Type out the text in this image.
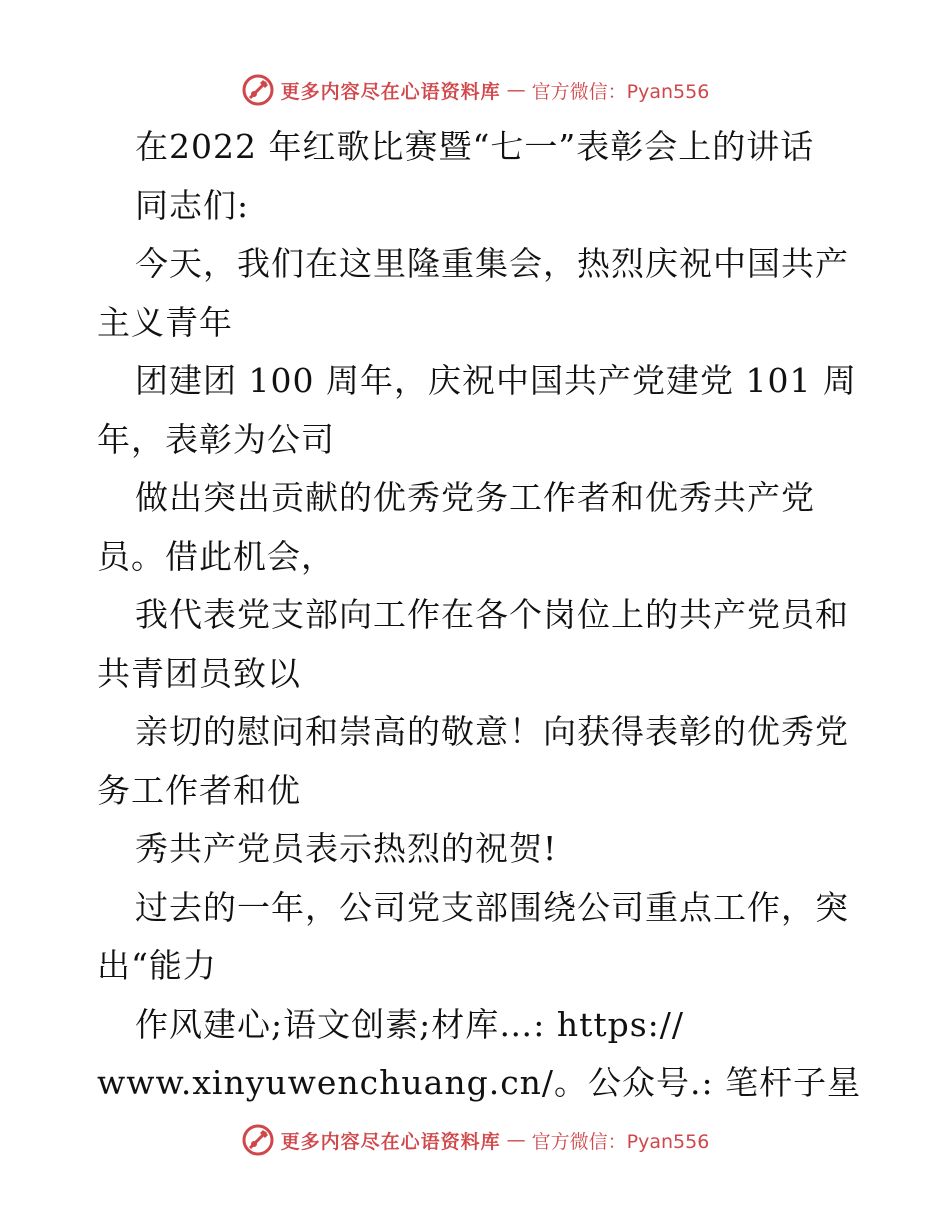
更多内容尽在心语资料库 — 官方微信：Pyan556
在2022 年红歌比赛暨“七一”表彰会上的讲话
同志们:
今天，我们在这里隆重集会，热烈庆祝中国共产
主义青年
团建团 100 周年，庆祝中国共产党建党 101 周
年，表彰为公司
做出突出贡献的优秀党务工作者和优秀共产党
员。借此机会，
我代表党支部向工作在各个岗位上的共产党员和
共青团员致以
亲切的慰问和崇高的敬意！向获得表彰的优秀党
务工作者和优
秀共产党员表示热烈的祝贺!
过去的一年，公司党支部围绕公司重点工作，突
出“能力
作风建心;语文创素;材库…: https://
www.xinyuwenchuang.cn/。公众号.: 笔杆子星
更多内容尽在心语资料库 — 官方微信：Pyan556
